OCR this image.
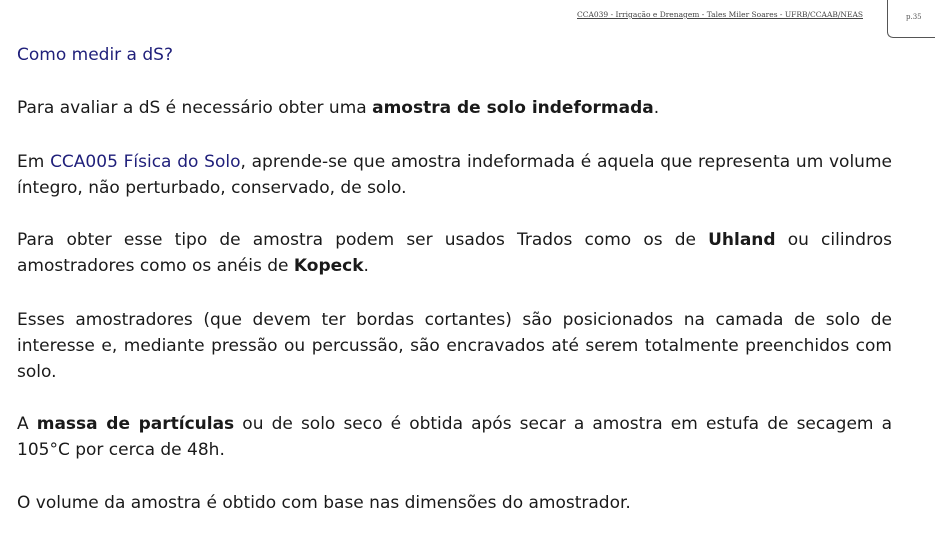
CCA039 - Irrigação e Drenagem - Tales Miler Soares - UFRB/CCAAB/NEAS	p.35
Como medir a dS?
Para avaliar a dS é necessário obter uma amostra de solo indeformada.
Em CCA005 Física do Solo, aprende-se que amostra indeformada é aquela que representa um volume íntegro, não perturbado, conservado, de solo.
Para obter esse tipo de amostra podem ser usados Trados como os de Uhland ou cilindros amostradores como os anéis de Kopeck.
Esses amostradores (que devem ter bordas cortantes) são posicionados na camada de solo de interesse e, mediante pressão ou percussão, são encravados até serem totalmente preenchidos com solo.
A massa de partículas ou de solo seco é obtida após secar a amostra em estufa de secagem a 105°C por cerca de 48h.
O volume da amostra é obtido com base nas dimensões do amostrador.
